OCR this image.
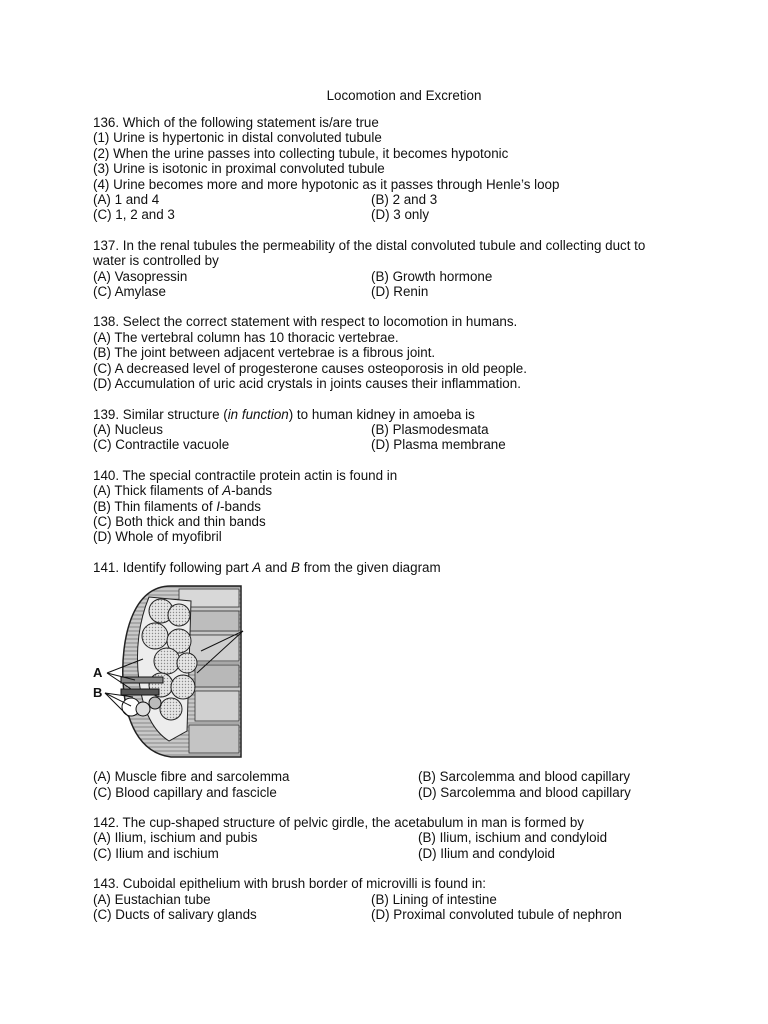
Locomotion and Excretion
136. Which of the following statement is/are true
(1) Urine is hypertonic in distal convoluted tubule
(2) When the urine passes into collecting tubule, it becomes hypotonic
(3) Urine is isotonic in proximal convoluted tubule
(4) Urine becomes more and more hypotonic as it passes through Henle’s loop
(A) 1 and 4	(B) 2 and 3
(C) 1, 2 and 3	(D) 3 only
137. In the renal tubules the permeability of the distal convoluted tubule and collecting duct to water is controlled by
(A) Vasopressin	(B) Growth hormone
(C) Amylase	(D) Renin
138. Select the correct statement with respect to locomotion in humans.
(A) The vertebral column has 10 thoracic vertebrae.
(B) The joint between adjacent vertebrae is a fibrous joint.
(C) A decreased level of progesterone causes osteoporosis in old people.
(D) Accumulation of uric acid crystals in joints causes their inflammation.
139. Similar structure (in function) to human kidney in amoeba is
(A) Nucleus	(B) Plasmodesmata
(C) Contractile vacuole	(D) Plasma membrane
140. The special contractile protein actin is found in
(A) Thick filaments of A-bands
(B) Thin filaments of I-bands
(C) Both thick and thin bands
(D) Whole of myofibril
141. Identify following part A and B from the given diagram
A
B
(A) Muscle fibre and sarcolemma	(B) Sarcolemma and blood capillary
(C) Blood capillary and fascicle	(D) Sarcolemma and blood capillary
142. The cup-shaped structure of pelvic girdle, the acetabulum in man is formed by
(A) Ilium, ischium and pubis	(B) Ilium, ischium and condyloid
(C) Ilium and ischium	(D) Ilium and condyloid
143. Cuboidal epithelium with brush border of microvilli is found in:
(A) Eustachian tube	(B) Lining of intestine
(C) Ducts of salivary glands	(D) Proximal convoluted tubule of nephron
